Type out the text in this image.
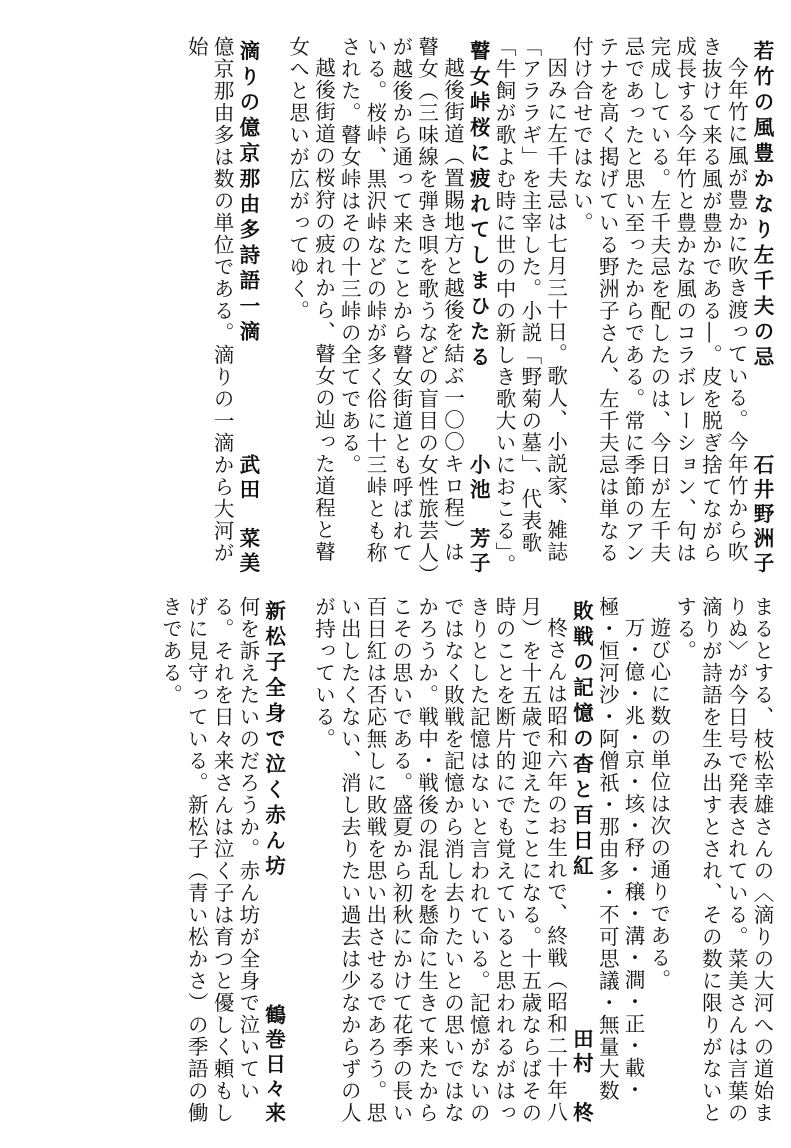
若竹の風豊かなり左千夫の忌
石井野洲子
今年竹に風が豊かに吹き渡っている。今年竹から吹き抜けて来る風が豊かである―。皮を脱ぎ捨てながら成長する今年竹と豊かな風のコラボレーション、句は完成している。左千夫忌を配したのは、今日が左千夫忌であったと思い至ったからである。常に季節のアンテナを高く掲げている野洲子さん、左千夫忌は単なる付け合せではない。
因みに左千夫忌は七月三十日。歌人、小説家、雑誌「アララギ」を主宰した。小説「野菊の墓」、代表歌「牛飼が歌よむ時に世の中の新しき歌大いにおこる」。
瞽女峠桜に疲れてしまひたる
小池　芳子
越後街道（置賜地方と越後を結ぶ一〇〇キロ程）は瞽女（三味線を弾き唄を歌うなどの盲目の女性旅芸人）が越後から通って来たことから瞽女街道とも呼ばれている。桜峠、黒沢峠などの峠が多く俗に十三峠とも称された。瞽女峠はその十三峠の全てである。
越後街道の桜狩の疲れから、瞽女の辿った道程と瞽女へと思いが広がってゆく。
滴りの億京那由多詩語一滴
武田　菜美
億京那由多は数の単位である。滴りの一滴から大河が始
まるとする、枝松幸雄さんの〈滴りの大河への道始まりぬ〉が今日号で発表されている。菜美さんは言葉の滴りが詩語を生み出すとされ、その数に限りがないとする。
遊び心に数の単位は次の通りである。
万・億・兆・京・垓・𥝱・穣・溝・澗・正・載・極・恒河沙・阿僧祇・那由多・不可思議・無量大数
敗戦の記憶の杳と百日紅
田村　柊
柊さんは昭和六年のお生れで、終戦（昭和二十年八月）を十五歳で迎えたことになる。十五歳ならばその時のことを断片的にでも覚えていると思われるがはっきりとした記憶はないと言われている。記憶がないのではなく敗戦を記憶から消し去りたいとの思いではなかろうか。戦中・戦後の混乱を懸命に生きて来たからこその思いである。盛夏から初秋にかけて花季の長い百日紅は否応無しに敗戦を思い出させるであろう。思い出したくない、消し去りたい過去は少なからずの人が持っている。
新松子全身で泣く赤ん坊
鶴巻日々来
何を訴えたいのだろうか。赤ん坊が全身で泣いている。それを日々来さんは泣く子は育つと優しく頼もしげに見守っている。新松子（青い松かさ）の季語の働きである。
